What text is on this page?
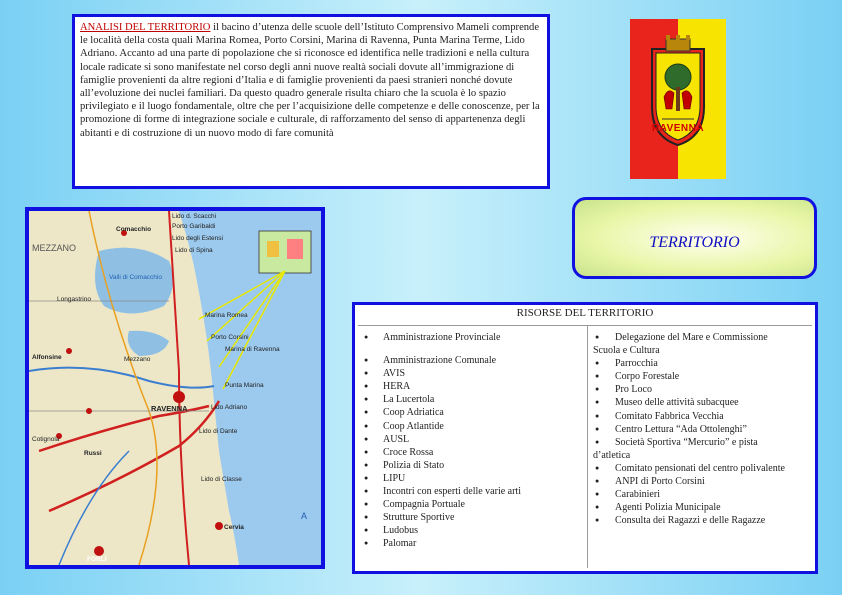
ANALISI DEL TERRITORIO il bacino d’utenza delle scuole dell’Istituto Comprensivo Mameli comprende le località della costa quali Marina Romea, Porto Corsini, Marina di Ravenna, Punta Marina Terme, Lido Adriano. Accanto ad una parte di popolazione che si riconosce ed identifica nelle tradizioni e nella cultura locale radicate si sono manifestate nel corso degli anni nuove realtà sociali dovute all’immigrazione di famiglie provenienti da altre regioni d’Italia e di famiglie provenienti da paesi stranieri nonché dovute all’evoluzione dei nuclei familiari. Da questo quadro generale risulta chiaro che la scuola è lo spazio privilegiato e il luogo fondamentale, oltre che per l’acquisizione delle competenze e delle conoscenze, per la promozione di forme di integrazione sociale e culturale, di rafforzamento del senso di appartenenza degli abitanti e di costruzione di un nuovo modo di fare comunità	RAVENNA
Lido d. Scacchi
Porto Garibaldi
Comacchio
Lido degli Estensi
Lido di Spina
Valli di Comacchio
MEZZANO
Longastrino
Alfonsine	Mezzano
Marina Romea
Porto Corsini
Marina di Ravenna
Punta Marina
RAVENNA	Lido Adriano
Lido di Dante
Russi
Cotignola
Lido di Classe
Cervia
FORLI
A
TERRITORIO
RISORSE DEL TERRITORIO
● Amministrazione Provinciale
● Amministrazione Comunale
● AVIS
● HERA
● La Lucertola
● Coop Adriatica
● Coop Atlantide
● AUSL
● Croce Rossa
● Polizia di Stato
● LIPU
● Incontri con esperti delle varie arti
● Compagnia Portuale
● Strutture Sportive
● Ludobus
● Palomar
● Delegazione del Mare e Commissione
Scuola e Cultura
● Parrocchia
● Corpo Forestale
● Pro Loco
● Museo delle attività subacquee
● Comitato Fabbrica Vecchia
● Centro Lettura “Ada Ottolenghi”
● Società Sportiva “Mercurio” e pista
d’atletica
● Comitato pensionati del centro polivalente
● ANPI di Porto Corsini
● Carabinieri
● Agenti Polizia Municipale
● Consulta dei Ragazzi e delle Ragazze
